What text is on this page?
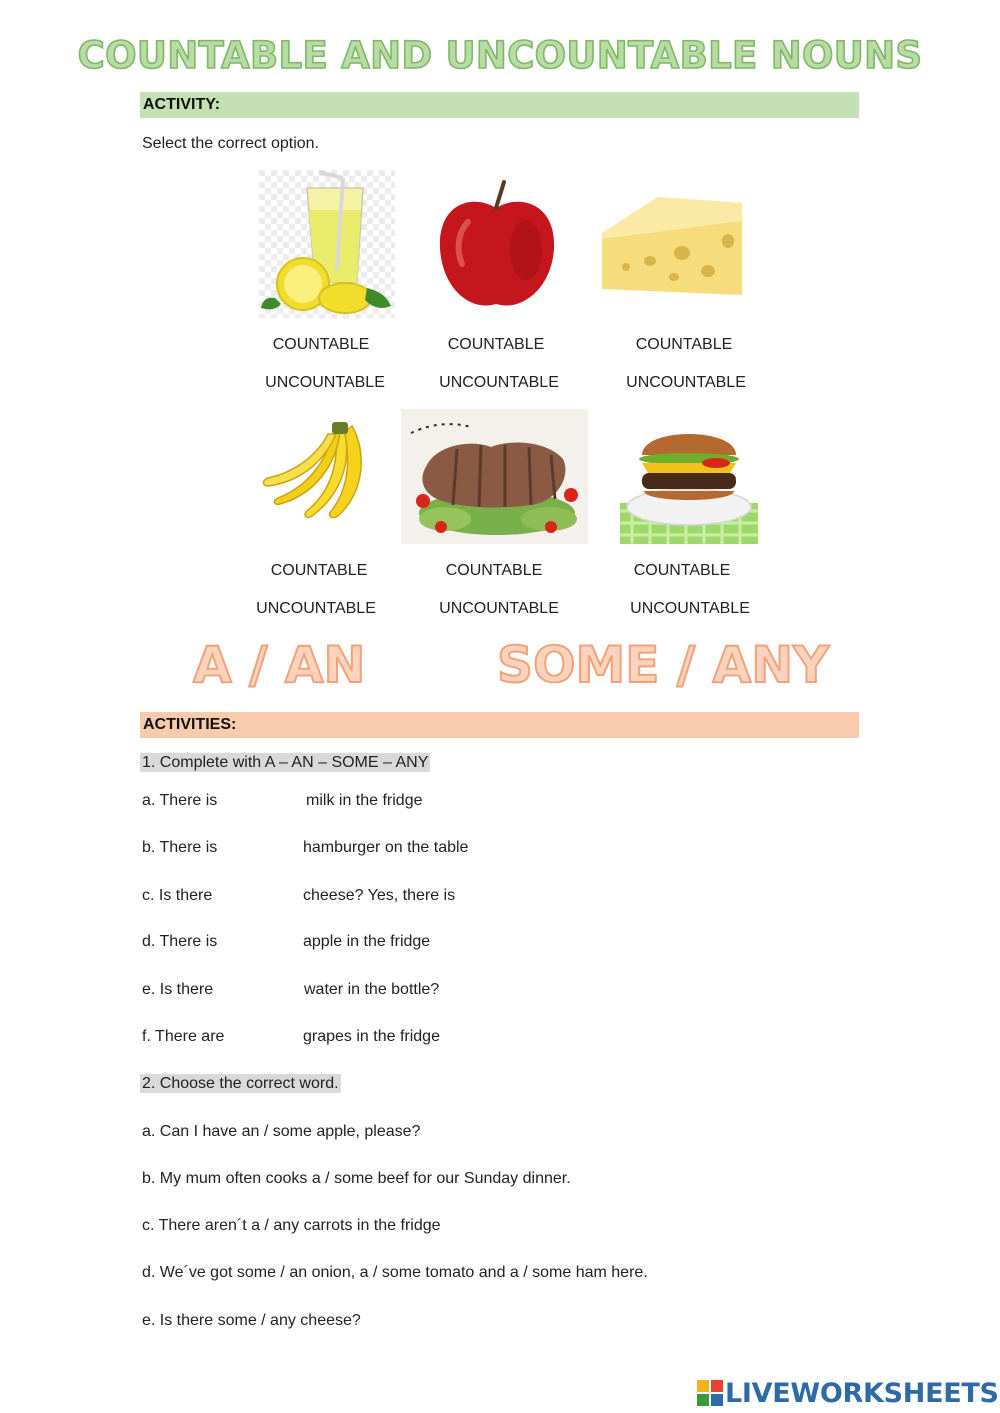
COUNTABLE AND UNCOUNTABLE NOUNS
ACTIVITY:
Select the correct option.
COUNTABLE
UNCOUNTABLE
COUNTABLE
UNCOUNTABLE
COUNTABLE
UNCOUNTABLE
COUNTABLE
UNCOUNTABLE
COUNTABLE
UNCOUNTABLE
COUNTABLE
UNCOUNTABLE
A / AN	SOME / ANY
ACTIVITIES:
1. Complete with A – AN – SOME – ANY
a. There is	milk in the fridge
b. There is	hamburger on the table
c. Is there	cheese? Yes, there is
d. There is	apple in the fridge
e. Is there	water in the bottle?
f. There are	grapes in the fridge
2. Choose the correct word.
a. Can I have an / some apple, please?
b. My mum often cooks a / some beef for our Sunday dinner.
c. There aren´t a / any carrots in the fridge
d. We´ve got some / an onion, a / some tomato and a / some ham here.
e. Is there some / any cheese?
LIVEWORKSHEETS
